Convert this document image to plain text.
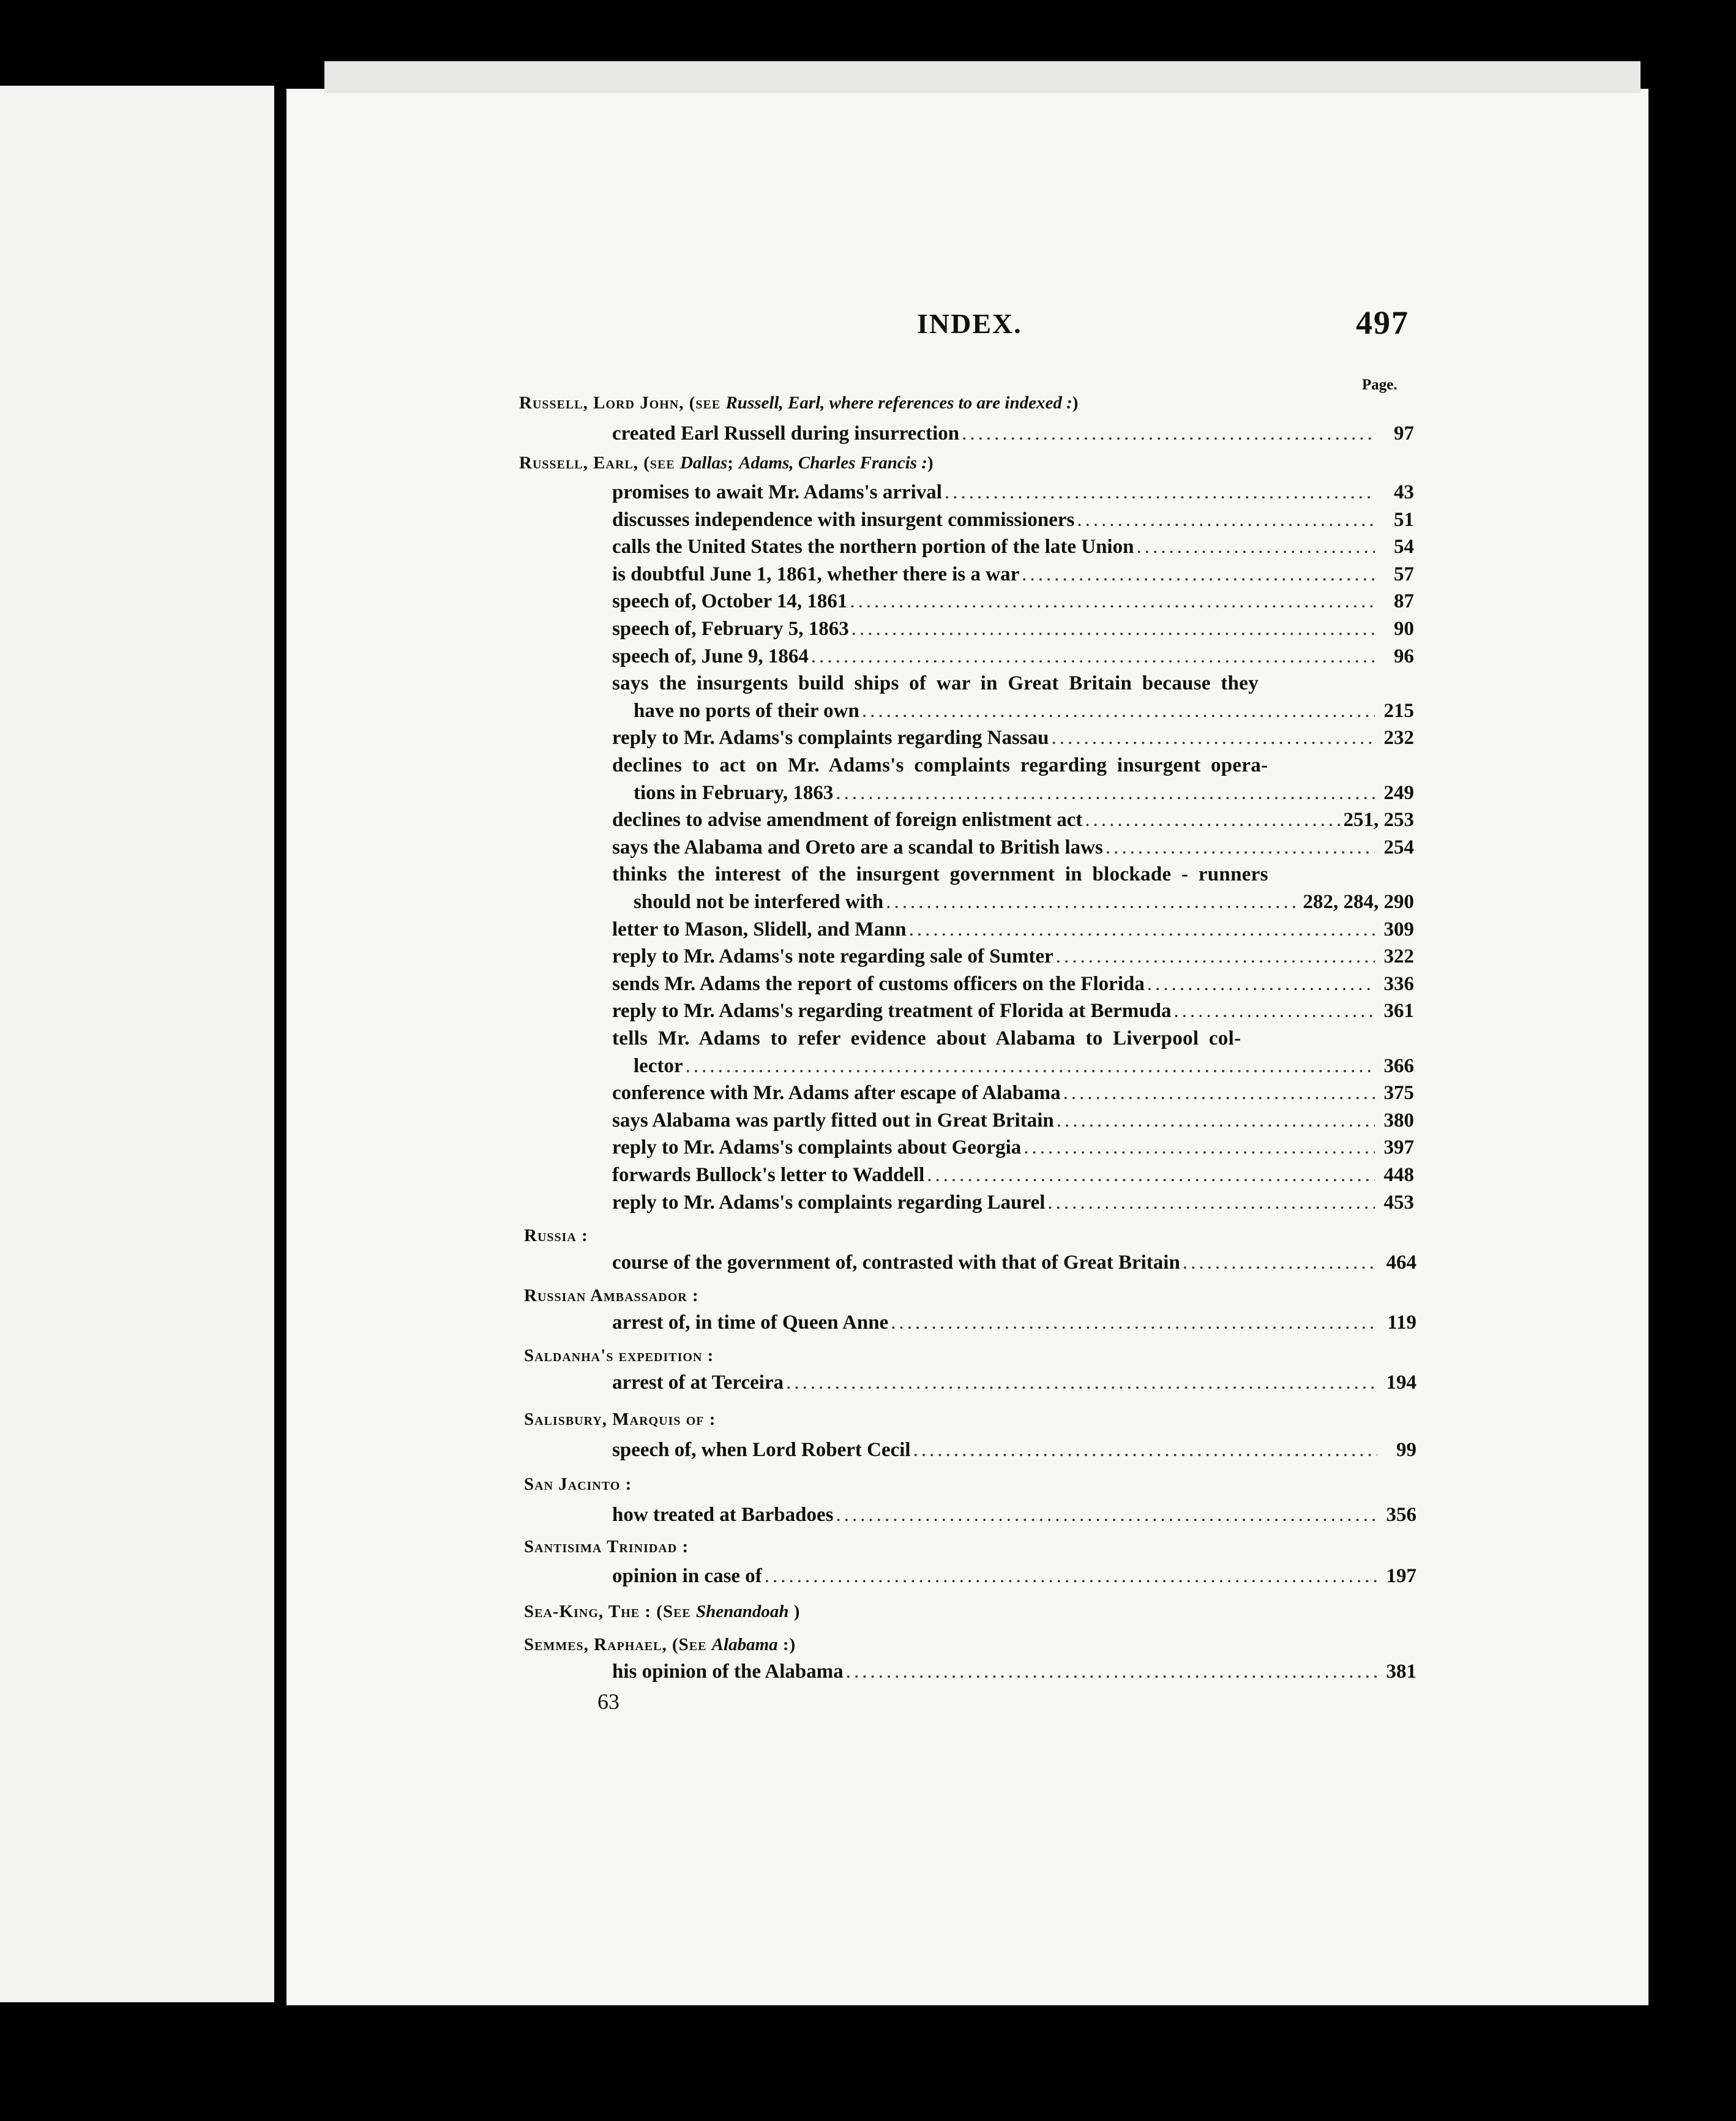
INDEX.	497
Page.
Russell, Lord John, (see Russell, Earl, where references to are indexed :)
created Earl Russell during insurrection .....	97
Russell, Earl, (see Dallas; Adams, Charles Francis :)
promises to await Mr. Adams's arrival .....	43
discusses independence with insurgent commissioners .....	51
calls the United States the northern portion of the late Union .....	54
is doubtful June 1, 1861, whether there is a war .....	57
speech of, October 14, 1861 .....	87
speech of, February 5, 1863 .....	90
speech of, June 9, 1864 .....	96
says the insurgents build ships of war in Great Britain because they
have no ports of their own .....	215
reply to Mr. Adams's complaints regarding Nassau .....	232
declines to act on Mr. Adams's complaints regarding insurgent opera-
tions in February, 1863 .....	249
declines to advise amendment of foreign enlistment act .....	251, 253
says the Alabama and Oreto are a scandal to British laws .....	254
thinks the interest of the insurgent government in blockade - runners
should not be interfered with .....	282, 284, 290
letter to Mason, Slidell, and Mann .....	309
reply to Mr. Adams's note regarding sale of Sumter .....	322
sends Mr. Adams the report of customs officers on the Florida .....	336
reply to Mr. Adams's regarding treatment of Florida at Bermuda .....	361
tells Mr. Adams to refer evidence about Alabama to Liverpool col-
lector .....	366
conference with Mr. Adams after escape of Alabama .....	375
says Alabama was partly fitted out in Great Britain .....	380
reply to Mr. Adams's complaints about Georgia .....	397
forwards Bullock's letter to Waddell .....	448
reply to Mr. Adams's complaints regarding Laurel .....	453
Russia :
course of the government of, contrasted with that of Great Britain .....	464
Russian Ambassador :
arrest of, in time of Queen Anne .....	119
Saldanha's expedition :
arrest of at Terceira .....	194
Salisbury, Marquis of :
speech of, when Lord Robert Cecil .....	99
San Jacinto :
how treated at Barbadoes .....	356
Santisima Trinidad :
opinion in case of .....	197
Sea-King, The : (See Shenandoah )
Semmes, Raphael, (See Alabama :)
his opinion of the Alabama .....	381
63
